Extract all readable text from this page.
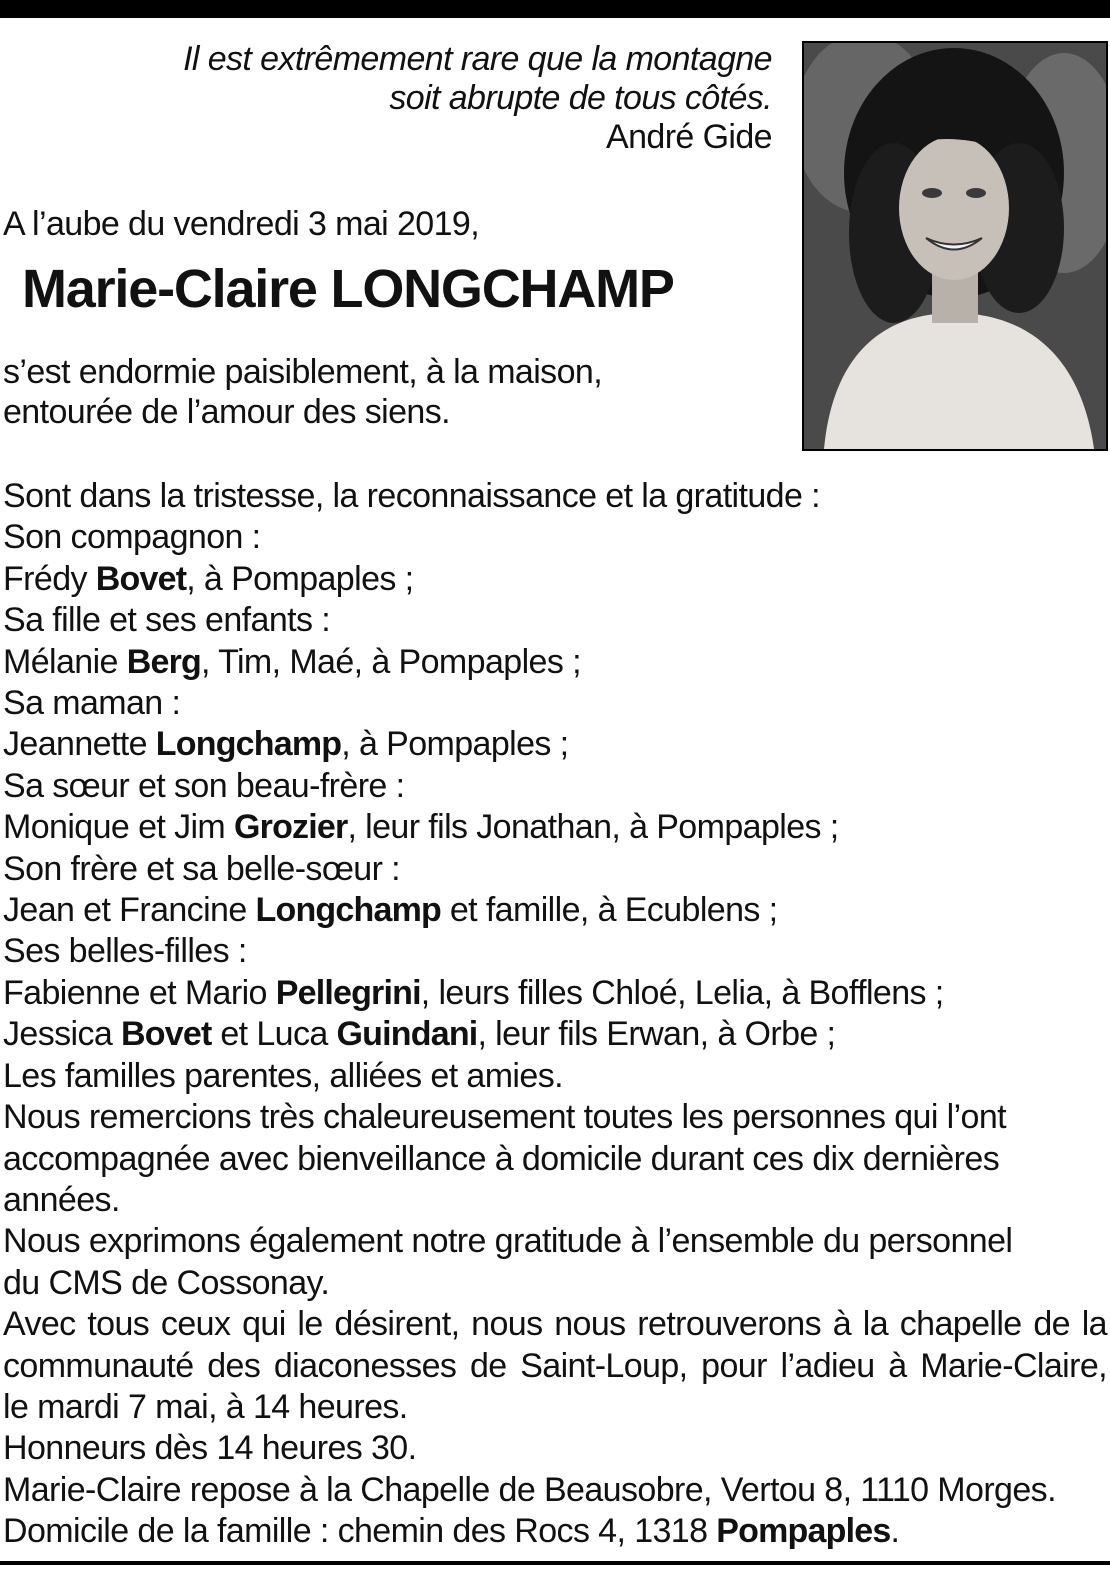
Il est extrêmement rare que la montagne
soit abrupte de tous côtés.
André Gide
A l’aube du vendredi 3 mai 2019,
Marie-Claire LONGCHAMP
s’est endormie paisiblement, à la maison,
entourée de l’amour des siens.
Sont dans la tristesse, la reconnaissance et la gratitude :
Son compagnon :
Frédy Bovet, à Pompaples ;
Sa fille et ses enfants :
Mélanie Berg, Tim, Maé, à Pompaples ;
Sa maman :
Jeannette Longchamp, à Pompaples ;
Sa sœur et son beau-frère :
Monique et Jim Grozier, leur fils Jonathan, à Pompaples ;
Son frère et sa belle-sœur :
Jean et Francine Longchamp et famille, à Ecublens ;
Ses belles-filles :
Fabienne et Mario Pellegrini, leurs filles Chloé, Lelia, à Bofflens ;
Jessica Bovet et Luca Guindani, leur fils Erwan, à Orbe ;
Les familles parentes, alliées et amies.
Nous remercions très chaleureusement toutes les personnes qui l’ont
accompagnée avec bienveillance à domicile durant ces dix dernières
années.
Nous exprimons également notre gratitude à l’ensemble du personnel
du CMS de Cossonay.
Avec tous ceux qui le désirent, nous nous retrouverons à la chapelle de la
communauté des diaconesses de Saint-Loup, pour l’adieu à Marie-Claire,
le mardi 7 mai, à 14 heures.
Honneurs dès 14 heures 30.
Marie-Claire repose à la Chapelle de Beausobre, Vertou 8, 1110 Morges.
Domicile de la famille : chemin des Rocs 4, 1318 Pompaples.
